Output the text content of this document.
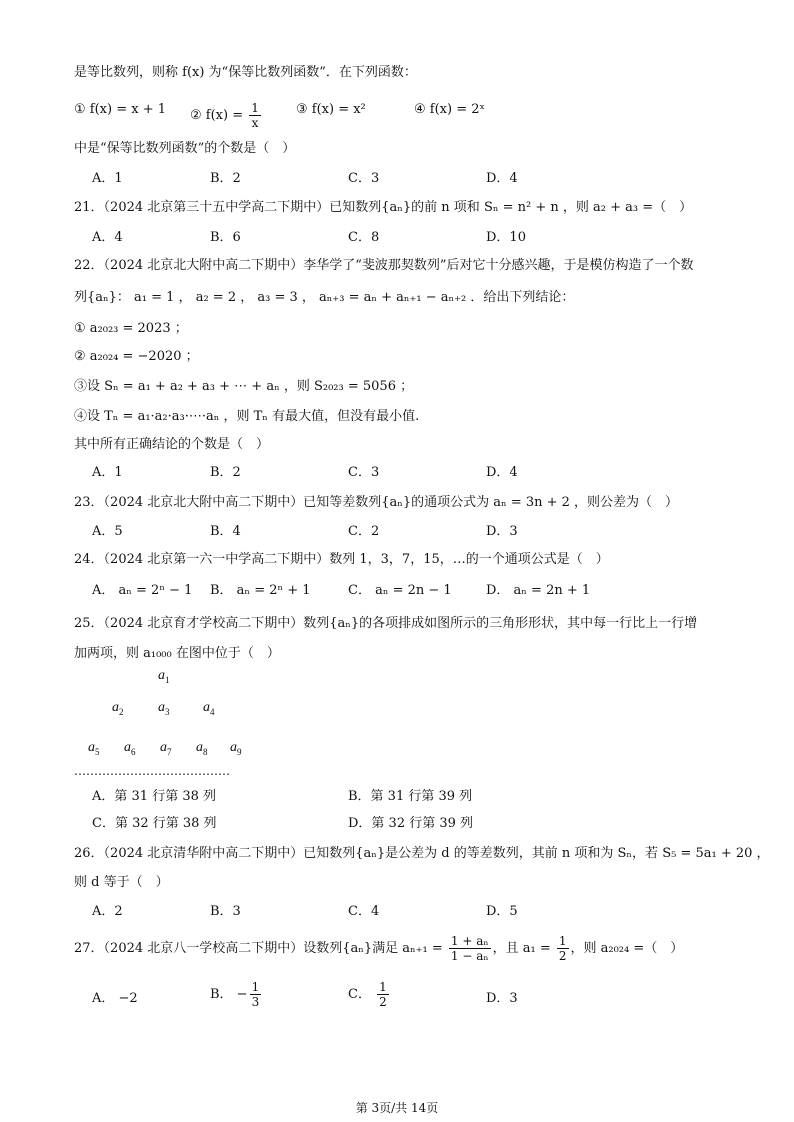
是等比数列，则称 f(x) 为“保等比数列函数”．在下列函数：
① f(x) = x + 1 ② $f(x) = \frac{1}{x}$	③ f(x) = x²	④ f(x) = 2ˣ
中是“保等比数列函数”的个数是（　）
A．1	B．2	C．3	D．4
21．（2024 北京第三十五中学高二下期中）已知数列{aₙ}的前 n 项和 Sₙ = n² + n ，则 a₂ + a₃ =（　）
A．4	B．6	C．8	D．10
22．（2024 北京北大附中高二下期中）李华学了“斐波那契数列”后对它十分感兴趣，于是模仿构造了一个数
列{aₙ}： a₁ = 1 ， a₂ = 2 ， a₃ = 3 ， aₙ₊₃ = aₙ + aₙ₊₁ − aₙ₊₂ ．给出下列结论：
① a₂₀₂₃ = 2023 ；
② a₂₀₂₄ = −2020 ；
③设 Sₙ = a₁ + a₂ + a₃ + ⋯ + aₙ ，则 S₂₀₂₃ = 5056 ；
④设 Tₙ = a₁·a₂·a₃·⋯·aₙ ，则 Tₙ 有最大值，但没有最小值.
其中所有正确结论的个数是（　）
A．1	B．2	C．3	D．4
23．（2024 北京北大附中高二下期中）已知等差数列{aₙ}的通项公式为 aₙ = 3n + 2 ，则公差为（　）
A．5	B．4	C．2	D．3
24．（2024 北京第一六一中学高二下期中）数列 1，3，7，15，…的一个通项公式是（　）
A． aₙ = 2ⁿ − 1 B． aₙ = 2ⁿ + 1	C． aₙ = 2n − 1	D． aₙ = 2n + 1
25．（2024 北京育才学校高二下期中）数列{aₙ}的各项排成如图所示的三角形形状，其中每一行比上一行增
加两项，则 a₁₀₀₀ 在图中位于（　）
$a_1$
$a_2$ $a_3$ $a_4$
$a_5$ $a_6$ $a_7$ $a_8$ $a_9$
…………………………………
A．第 31 行第 38 列	B．第 31 行第 39 列
C．第 32 行第 38 列	D．第 32 行第 39 列
26．（2024 北京清华附中高二下期中）已知数列{aₙ}是公差为 d 的等差数列，其前 n 项和为 Sₙ，若 S₅ = 5a₁ + 20 ，
则 d 等于（　）
A．2	B．3	C．4	D．5
27．（2024 北京八一学校高二下期中）设数列{aₙ}满足 $a_{n+1} = \frac{\text{1 + aₙ}}{\text{1 − aₙ}}$ ，且 $a_1 = \frac{1}{2}$ ，则 a₂₀₂₄ =（　）
A． −2	B． − $\frac{1}{3}$	C． $\frac{1}{2}$	D．3
第 3页/共 14页
